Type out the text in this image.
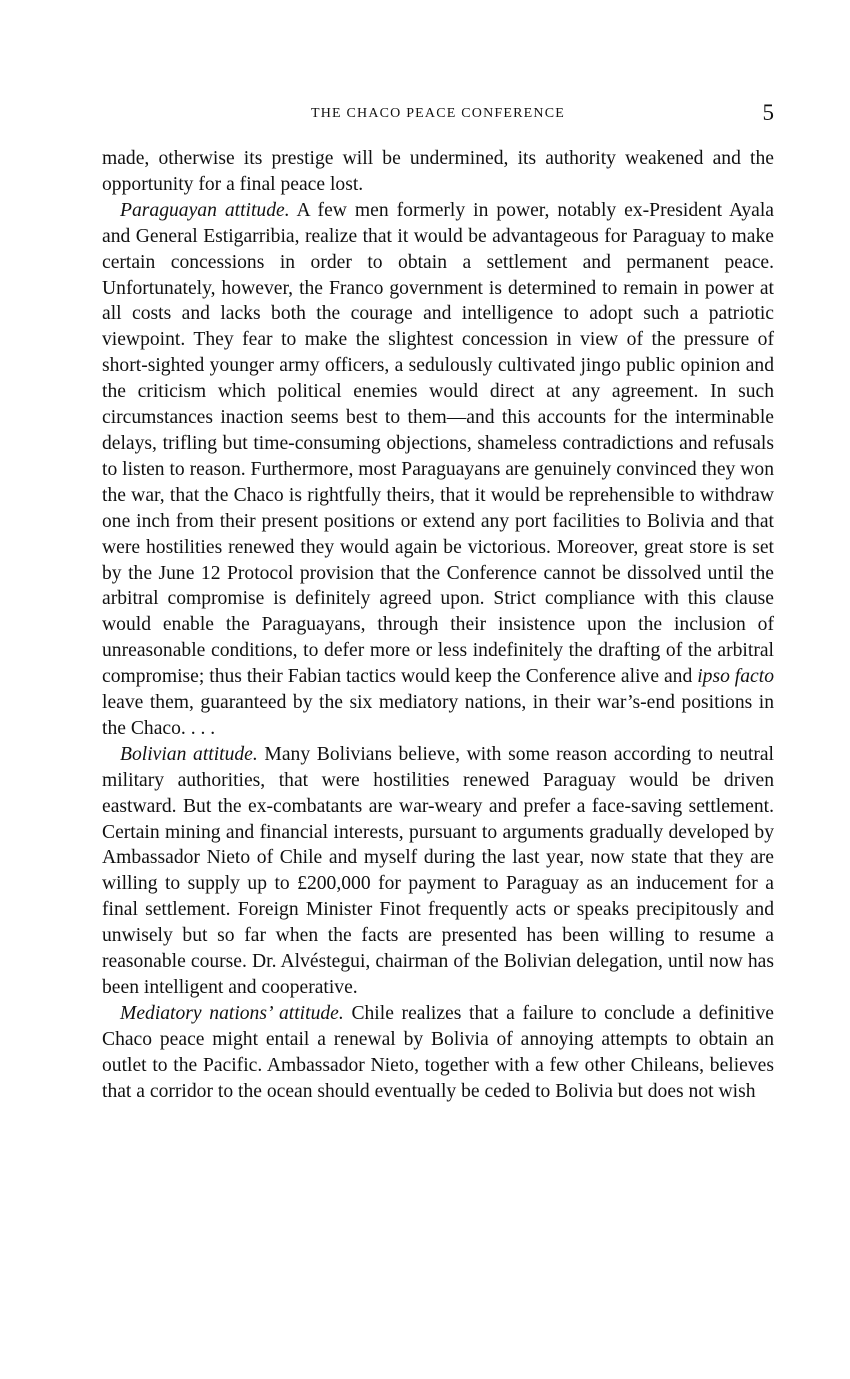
THE CHACO PEACE CONFERENCE	5

made, otherwise its prestige will be undermined, its authority weakened and the opportunity for a final peace lost.

Paraguayan attitude. A few men formerly in power, notably ex-President Ayala and General Estigarribia, realize that it would be advantageous for Paraguay to make certain concessions in order to obtain a settlement and permanent peace. Unfortunately, however, the Franco government is determined to remain in power at all costs and lacks both the courage and intelligence to adopt such a patriotic viewpoint. They fear to make the slightest concession in view of the pressure of short-sighted younger army officers, a sedulously cultivated jingo public opinion and the criticism which political enemies would direct at any agreement. In such circumstances inaction seems best to them—and this accounts for the interminable delays, trifling but time-consuming objections, shameless contradictions and refusals to listen to reason. Furthermore, most Paraguayans are genuinely convinced they won the war, that the Chaco is rightfully theirs, that it would be reprehensible to withdraw one inch from their present positions or extend any port facilities to Bolivia and that were hostilities renewed they would again be victorious. Moreover, great store is set by the June 12 Protocol provision that the Conference cannot be dissolved until the arbitral compromise is definitely agreed upon. Strict compliance with this clause would enable the Paraguayans, through their insistence upon the inclusion of unreasonable conditions, to defer more or less indefinitely the drafting of the arbitral compromise; thus their Fabian tactics would keep the Conference alive and ipso facto leave them, guaranteed by the six mediatory nations, in their war’s-end positions in the Chaco. . . .

Bolivian attitude. Many Bolivians believe, with some reason according to neutral military authorities, that were hostilities renewed Paraguay would be driven eastward. But the ex-combatants are war-weary and prefer a face-saving settlement. Certain mining and financial interests, pursuant to arguments gradually developed by Ambassador Nieto of Chile and myself during the last year, now state that they are willing to supply up to £200,000 for payment to Paraguay as an inducement for a final settlement. Foreign Minister Finot frequently acts or speaks precipitously and unwisely but so far when the facts are presented has been willing to resume a reasonable course. Dr. Alvéstegui, chairman of the Bolivian delegation, until now has been intelligent and cooperative.

Mediatory nations’ attitude. Chile realizes that a failure to conclude a definitive Chaco peace might entail a renewal by Bolivia of annoying attempts to obtain an outlet to the Pacific. Ambassador Nieto, together with a few other Chileans, believes that a corridor to the ocean should eventually be ceded to Bolivia but does not wish
